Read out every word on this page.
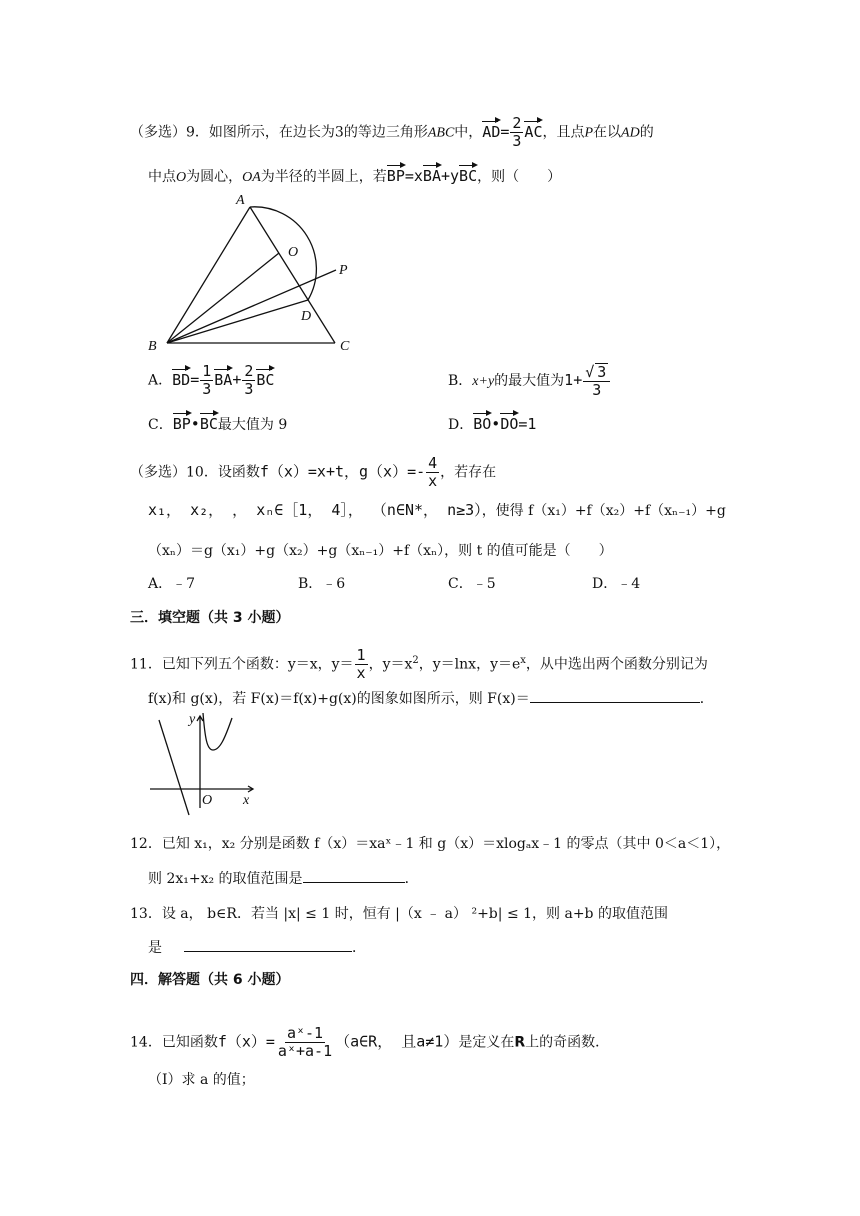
（多选）9．如图所示，在边长为3的等边三角形ABC中，$AD= \frac{2}{3}$ AC，且点P在以AD的
中点O为圆心，OA为半径的半圆上，若BP=xBA+yBC，则（　　）
A
B	C
D
O
P
A．$BD= \frac{1}{3} BA+ \frac{2}{3}$ BC	B．x+y的最大值为$1+ \frac{√ 3}{3}$
C．BP•BC最大值为 9	D．BO•DO=1
（多选）10．设函数f（x）=x+t，$g(x)=- \frac{4}{x}$ ，若存在
x₁， x₂， ， xₙ∈［1， 4］， （n∈N*， n≥3），使得 f（x₁）+f（x₂）+f（xₙ₋₁）+g
（xₙ）＝g（x₁）+g（x₂）+g（xₙ₋₁）+f（xₙ），则 t 的值可能是（　　）
A．﹣7	B．﹣6	C．﹣5	D．﹣4
三．填空题（共 3 小题）
11．已知下列五个函数：y＝x，$y= \frac{1}{x}$ ，$y=x^2$，y＝lnx，$y=e^x$，从中选出两个函数分别记为
f(x)和 g(x)，若 F(x)＝f(x)+g(x)的图象如图所示，则 F(x)＝	．
y
O x
12．已知 x₁，x₂ 分别是函数 f（x）＝xaˣ﹣1 和 g（x）＝xlogₐx﹣1 的零点（其中 0＜a＜1），
则 2x₁+x₂ 的取值范围是	．
13．设 a， b∈R．若当 |x| ≤ 1 时，恒有 |（x ﹣ a） ²+b| ≤ 1，则 a+b 的取值范围
是	．
四．解答题（共 6 小题）
14．已知函数$f(x)= \frac{\text{aˣ-1}}{\text{aˣ+a-1}}$ （a∈R， 且a≠1）是定义在R上的奇函数．
（Ⅰ）求 a 的值；
